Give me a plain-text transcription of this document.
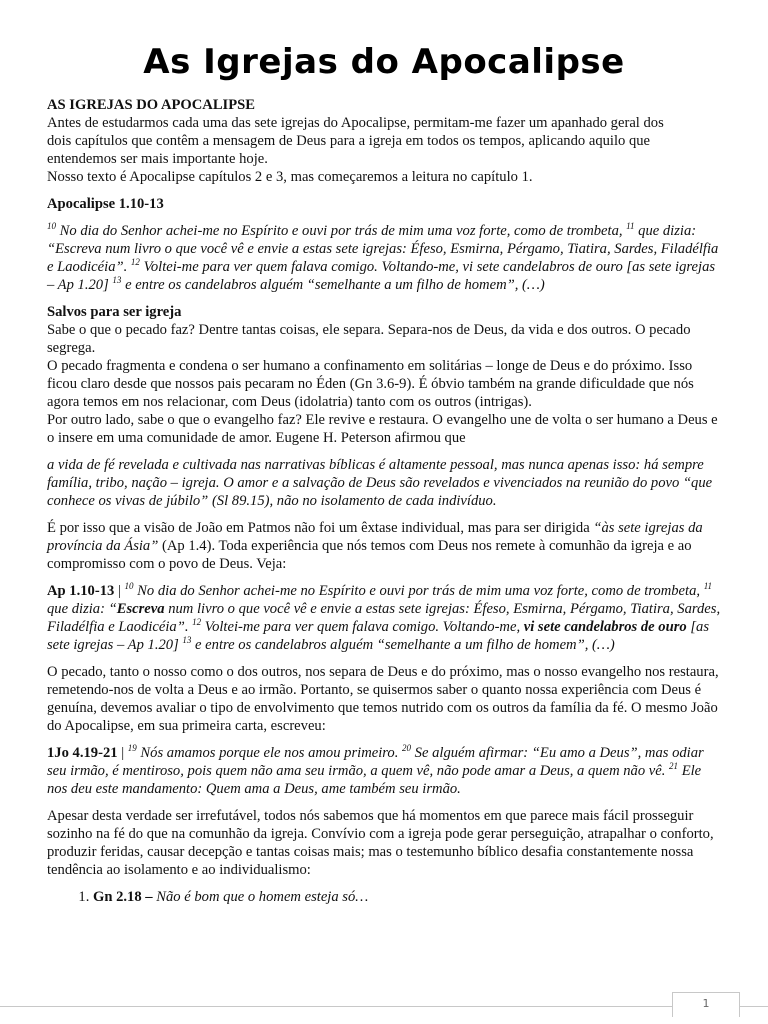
As Igrejas do Apocalipse

AS IGREJAS DO APOCALIPSE
Antes de estudarmos cada uma das sete igrejas do Apocalipse, permitam-me fazer um apanhado geral dos
dois capítulos que contêm a mensagem de Deus para a igreja em todos os tempos, aplicando aquilo que
entendemos ser mais importante hoje.
Nosso texto é Apocalipse capítulos 2 e 3, mas começaremos a leitura no capítulo 1.

Apocalipse 1.10-13

$^{10}$ No dia do Senhor achei-me no Espírito e ouvi por trás de mim uma voz forte, como de trombeta, $^{11}$ que dizia: “Escreva num livro o que você vê e envie a estas sete igrejas: Éfeso, Esmirna, Pérgamo, Tiatira, Sardes, Filadélfia e Laodicéia”. $^{12}$ Voltei-me para ver quem falava comigo. Voltando-me, vi sete candelabros de ouro [as sete igrejas – Ap 1.20] $^{13}$ e entre os candelabros alguém “semelhante a um filho de homem”, (…)

Salvos para ser igreja
Sabe o que o pecado faz? Dentre tantas coisas, ele separa. Separa-nos de Deus, da vida e dos outros. O pecado segrega.
O pecado fragmenta e condena o ser humano a confinamento em solitárias – longe de Deus e do próximo. Isso ficou claro desde que nossos pais pecaram no Éden (Gn 3.6-9). É óbvio também na grande dificuldade que nós agora temos em nos relacionar, com Deus (idolatria) tanto com os outros (intrigas).
Por outro lado, sabe o que o evangelho faz? Ele revive e restaura. O evangelho une de volta o ser humano a Deus e o insere em uma comunidade de amor. Eugene H. Peterson afirmou que

a vida de fé revelada e cultivada nas narrativas bíblicas é altamente pessoal, mas nunca apenas isso: há sempre família, tribo, nação – igreja. O amor e a salvação de Deus são revelados e vivenciados na reunião do povo “que conhece os vivas de júbilo” (Sl 89.15), não no isolamento de cada indivíduo.

É por isso que a visão de João em Patmos não foi um êxtase individual, mas para ser dirigida “às sete igrejas da província da Ásia” (Ap 1.4). Toda experiência que nós temos com Deus nos remete à comunhão da igreja e ao compromisso com o povo de Deus. Veja:

Ap 1.10-13 | $^{10}$ No dia do Senhor achei-me no Espírito e ouvi por trás de mim uma voz forte, como de trombeta, $^{11}$ que dizia: “Escreva num livro o que você vê e envie a estas sete igrejas: Éfeso, Esmirna, Pérgamo, Tiatira, Sardes, Filadélfia e Laodicéia”. $^{12}$ Voltei-me para ver quem falava comigo. Voltando-me, vi sete candelabros de ouro [as sete igrejas – Ap 1.20] $^{13}$ e entre os candelabros alguém “semelhante a um filho de homem”, (…)

O pecado, tanto o nosso como o dos outros, nos separa de Deus e do próximo, mas o nosso evangelho nos restaura, remetendo-nos de volta a Deus e ao irmão. Portanto, se quisermos saber o quanto nossa experiência com Deus é genuína, devemos avaliar o tipo de envolvimento que temos nutrido com os outros da família da fé. O mesmo João do Apocalipse, em sua primeira carta, escreveu:

1Jo 4.19-21 | $^{19}$ Nós amamos porque ele nos amou primeiro. $^{20}$ Se alguém afirmar: “Eu amo a Deus”, mas odiar seu irmão, é mentiroso, pois quem não ama seu irmão, a quem vê, não pode amar a Deus, a quem não vê. $^{21}$ Ele nos deu este mandamento: Quem ama a Deus, ame também seu irmão.

Apesar desta verdade ser irrefutável, todos nós sabemos que há momentos em que parece mais fácil prosseguir sozinho na fé do que na comunhão da igreja. Convívio com a igreja pode gerar perseguição, atrapalhar o conforto, produzir feridas, causar decepção e tantas coisas mais; mas o testemunho bíblico desafia constantemente nossa tendência ao isolamento e ao individualismo:

1. Gn 2.18 – Não é bom que o homem esteja só…
1
